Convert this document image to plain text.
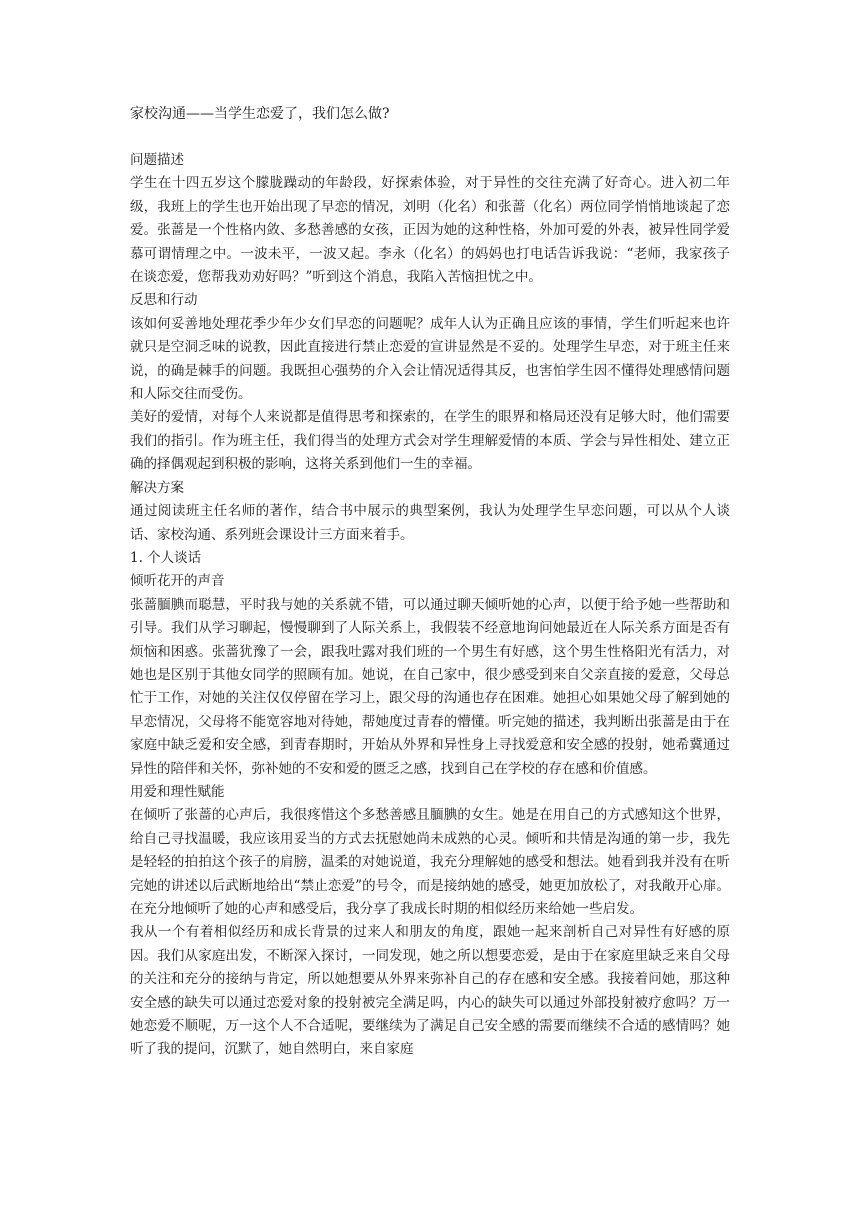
家校沟通——当学生恋爱了，我们怎么做?

问题描述

学生在十四五岁这个朦胧躁动的年龄段，好探索体验，对于异性的交往充满了好奇心。进入初二年级，我班上的学生也开始出现了早恋的情况，刘明（化名）和张蔷（化名）两位同学悄悄地谈起了恋爱。张蔷是一个性格内敛、多愁善感的女孩，正因为她的这种性格，外加可爱的外表，被异性同学爱慕可谓情理之中。一波未平，一波又起。李永（化名）的妈妈也打电话告诉我说：“老师，我家孩子在谈恋爱，您帮我劝劝好吗？”听到这个消息，我陷入苦恼担忧之中。

反思和行动

该如何妥善地处理花季少年少女们早恋的问题呢？成年人认为正确且应该的事情，学生们听起来也许就只是空洞乏味的说教，因此直接进行禁止恋爱的宣讲显然是不妥的。处理学生早恋，对于班主任来说，的确是棘手的问题。我既担心强势的介入会让情况适得其反，也害怕学生因不懂得处理感情问题和人际交往而受伤。

美好的爱情，对每个人来说都是值得思考和探索的，在学生的眼界和格局还没有足够大时，他们需要我们的指引。作为班主任，我们得当的处理方式会对学生理解爱情的本质、学会与异性相处、建立正确的择偶观起到积极的影响，这将关系到他们一生的幸福。

解决方案

通过阅读班主任名师的著作，结合书中展示的典型案例，我认为处理学生早恋问题，可以从个人谈话、家校沟通、系列班会课设计三方面来着手。

1. 个人谈话

倾听花开的声音

张蔷腼腆而聪慧，平时我与她的关系就不错，可以通过聊天倾听她的心声，以便于给予她一些帮助和引导。我们从学习聊起，慢慢聊到了人际关系上，我假装不经意地询问她最近在人际关系方面是否有烦恼和困惑。张蔷犹豫了一会，跟我吐露对我们班的一个男生有好感，这个男生性格阳光有活力，对她也是区别于其他女同学的照顾有加。她说，在自己家中，很少感受到来自父亲直接的爱意，父母总忙于工作，对她的关注仅仅停留在学习上，跟父母的沟通也存在困难。她担心如果她父母了解到她的早恋情况，父母将不能宽容地对待她，帮她度过青春的懵懂。听完她的描述，我判断出张蔷是由于在家庭中缺乏爱和安全感，到青春期时，开始从外界和异性身上寻找爱意和安全感的投射，她希冀通过异性的陪伴和关怀，弥补她的不安和爱的匮乏之感，找到自己在学校的存在感和价值感。

用爱和理性赋能

在倾听了张蔷的心声后，我很疼惜这个多愁善感且腼腆的女生。她是在用自己的方式感知这个世界，给自己寻找温暖，我应该用妥当的方式去抚慰她尚未成熟的心灵。倾听和共情是沟通的第一步，我先是轻轻的拍拍这个孩子的肩膀，温柔的对她说道，我充分理解她的感受和想法。她看到我并没有在听完她的讲述以后武断地给出“禁止恋爱”的号令，而是接纳她的感受，她更加放松了，对我敞开心扉。在充分地倾听了她的心声和感受后，我分享了我成长时期的相似经历来给她一些启发。

我从一个有着相似经历和成长背景的过来人和朋友的角度，跟她一起来剖析自己对异性有好感的原因。我们从家庭出发，不断深入探讨，一同发现，她之所以想要恋爱，是由于在家庭里缺乏来自父母的关注和充分的接纳与肯定，所以她想要从外界来弥补自己的存在感和安全感。我接着问她，那这种安全感的缺失可以通过恋爱对象的投射被完全满足吗，内心的缺失可以通过外部投射被疗愈吗？万一她恋爱不顺呢，万一这个人不合适呢，要继续为了满足自己安全感的需要而继续不合适的感情吗？她听了我的提问，沉默了，她自然明白，来自家庭
